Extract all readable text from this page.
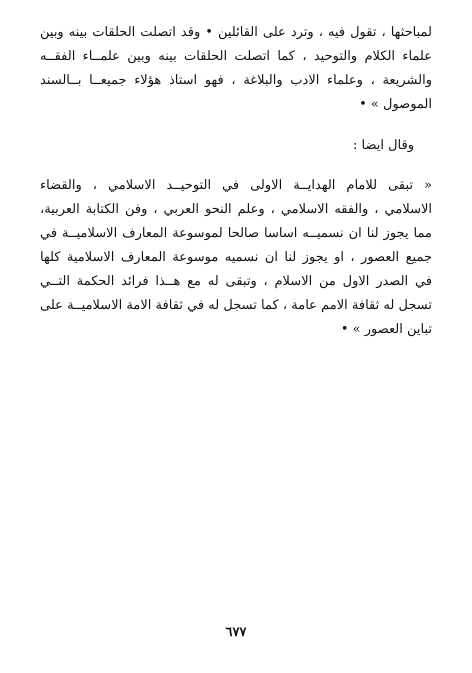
لمباحثها ، تقول فيه ، وترد على القائلين • وقد اتصلت الحلقات بينه وبين
علماء الكلام والتوحيد ، كما اتصلت الحلقات بينه وبين علمــاء الفقــه
والشريعة ، وعلماء الادب والبلاغة ، فهو استاذ هؤلاء جميعــا بــالسند
الموصول » •
وقال ايضا :
« تبقى للامام الهدايــة الاولى في التوحيــد الاسلامي ، والقضاء
الاسلامي ، والفقه الاسلامي ، وعلم النحو العربي ، وفن الكتابة العربية،
مما يجوز لنا ان نسميــه اساسا صالحا لموسوعة المعارف الاسلاميــة في
جميع العصور ، او يجوز لنا ان نسميه موسوعة المعارف الاسلامية كلها
في الصدر الاول من الاسلام ، وتبقى له مع هــذا فرائد الحكمة التــي
تسجل له ثقافة الامم عامة ، كما تسجل له في ثقافة الامة الاسلاميــة على
تباين العصور » •
٦٧٧
